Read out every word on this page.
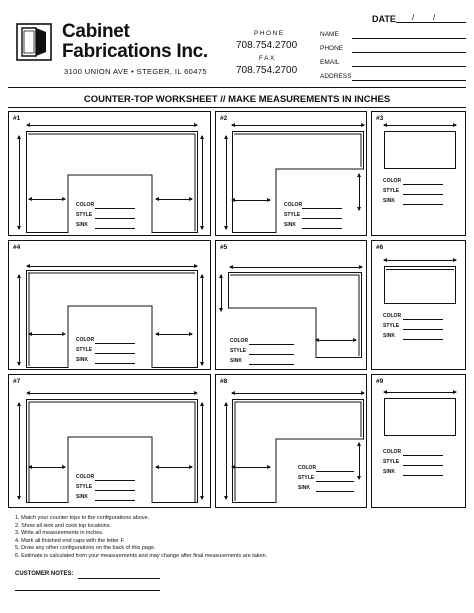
Cabinet
Fabrications Inc.
3100 UNION AVE • STEGER, IL 60475
PHONE
708.754.2700
FAX
708.754.2700
DATE / /
NAME
PHONE
EMAIL
ADDRESS
COUNTER-TOP WORKSHEET // MAKE MEASUREMENTS IN INCHES
#1
COLOR
STYLE
SINK
#2
COLOR
STYLE
SINK
#3
COLOR
STYLE
SINK
#4
COLOR
STYLE
SINK
#5
COLOR
STYLE
SINK
#6
COLOR
STYLE
SINK
#7
COLOR
STYLE
SINK
#8
COLOR
STYLE
SINK
#9
COLOR
STYLE
SINK
1. Match your counter tops to the configurations above.
2. Show all sink and cook top locations.
3. Write all measurements in inches.
4. Mark all finished end caps with the letter F.
5. Draw any other configurations on the back of this page.
6. Estimate is calculated from your measurements and may change after final measurements are taken.
CUSTOMER NOTES:
